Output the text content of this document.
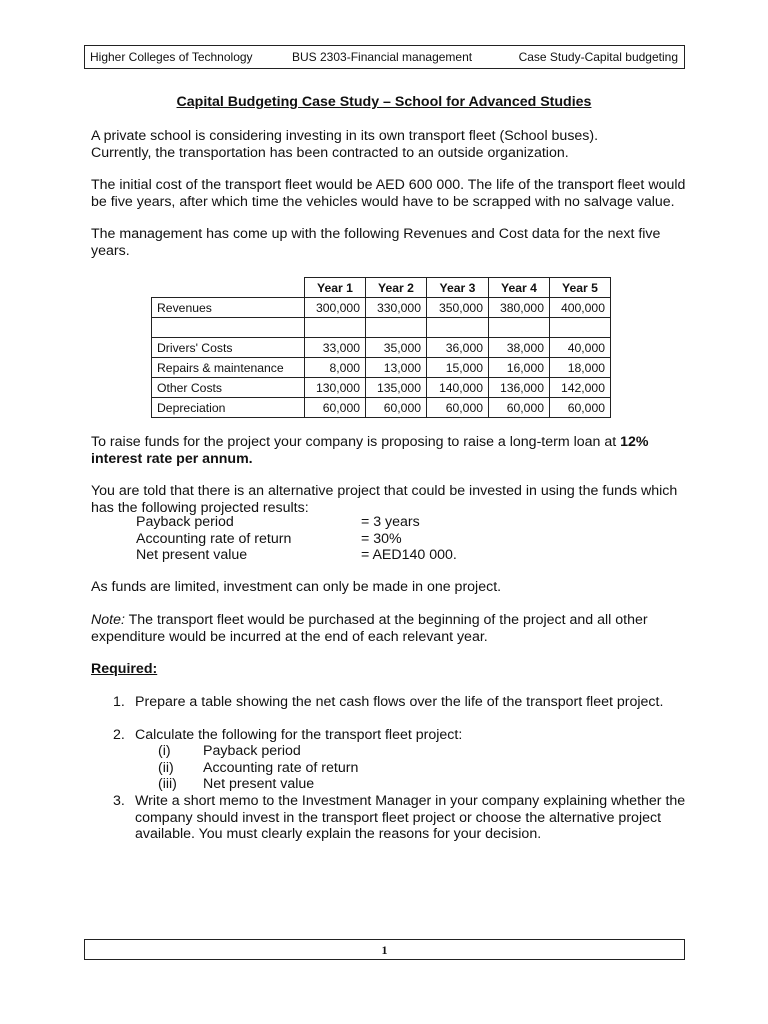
Higher Colleges of Technology	BUS 2303-Financial management	Case Study-Capital budgeting
Capital Budgeting Case Study – School for Advanced Studies
A private school is considering investing in its own transport fleet (School buses).
Currently, the transportation has been contracted to an outside organization.
The initial cost of the transport fleet would be AED 600 000. The life of the transport fleet would be five years, after which time the vehicles would have to be scrapped with no salvage value.
The management has come up with the following Revenues and Cost data for the next five years.
	Year 1	Year 2	Year 3	Year 4	Year 5
Revenues	300,000	330,000	350,000	380,000	400,000

Drivers' Costs	33,000	35,000	36,000	38,000	40,000
Repairs & maintenance	8,000	13,000	15,000	16,000	18,000
Other Costs	130,000	135,000	140,000	136,000	142,000
Depreciation	60,000	60,000	60,000	60,000	60,000
To raise funds for the project your company is proposing to raise a long-term loan at 12% interest rate per annum.
You are told that there is an alternative project that could be invested in using the funds which has the following projected results:
Payback period	= 3 years
Accounting rate of return	= 30%
Net present value	= AED140 000.
As funds are limited, investment can only be made in one project.
Note: The transport fleet would be purchased at the beginning of the project and all other expenditure would be incurred at the end of each relevant year.
Required:
1. Prepare a table showing the net cash flows over the life of the transport fleet project.
2. Calculate the following for the transport fleet project:
(i)	Payback period
(ii)	Accounting rate of return
(iii)	Net present value
3. Write a short memo to the Investment Manager in your company explaining whether the company should invest in the transport fleet project or choose the alternative project available. You must clearly explain the reasons for your decision.
1
